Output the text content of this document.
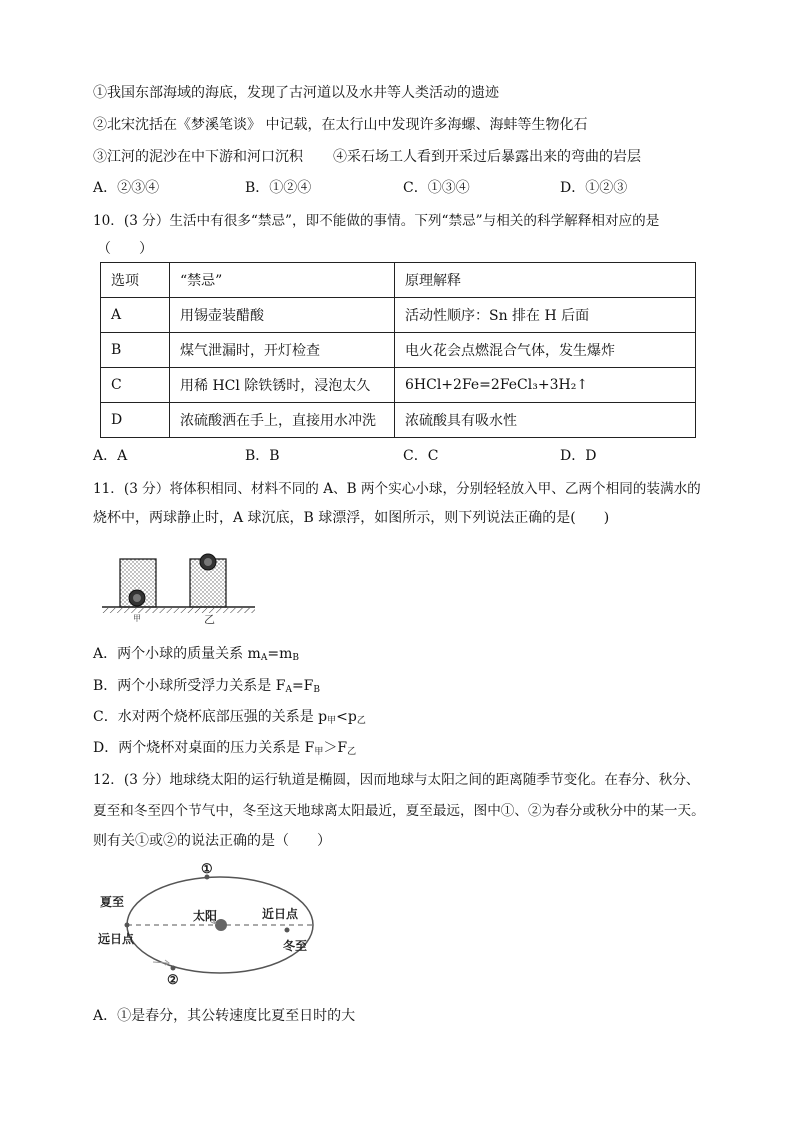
①我国东部海域的海底，发现了古河道以及水井等人类活动的遗迹
②北宋沈括在《梦溪笔谈》 中记载，在太行山中发现许多海螺、海蚌等生物化石
③江河的泥沙在中下游和河口沉积 ④采石场工人看到开采过后暴露出来的弯曲的岩层
A．②③④	B．①②④	C．①③④	D．①②③
10．(3 分）生活中有很多“禁忌”，即不能做的事情。下列“禁忌”与相关的科学解释相对应的是
（　　）
选项	“禁忌”	原理解释
A	用锡壶装醋酸	活动性顺序：Sn 排在 H 后面
B	煤气泄漏时，开灯检查	电火花会点燃混合气体，发生爆炸
C	用稀 HCl 除铁锈时，浸泡太久	6HCl+2Fe=2FeCl₃+3H₂↑
D	浓硫酸洒在手上，直接用水冲洗	浓硫酸具有吸水性
A．A	B．B	C．C	D．D
11．(3 分）将体积相同、材料不同的 A、B 两个实心小球，分别轻轻放入甲、乙两个相同的装满水的
烧杯中，两球静止时，A 球沉底，B 球漂浮，如图所示，则下列说法正确的是(　　)
甲	乙
A．两个小球的质量关系 $m_A=m_B$
B．两个小球所受浮力关系是 $F_A=F_B$
C．水对两个烧杯底部压强的关系是 $p_甲<p_乙$
D．两个烧杯对桌面的压力关系是 $F_甲>F_乙$
12．(3 分）地球绕太阳的运行轨道是椭圆，因而地球与太阳之间的距离随季节变化。在春分、秋分、
夏至和冬至四个节气中，冬至这天地球离太阳最近，夏至最远，图中①、②为春分或秋分中的某一天。
则有关①或②的说法正确的是（　　）
①
②
夏至
远日点
太阳	近日点
冬至
A．①是春分，其公转速度比夏至日时的大
